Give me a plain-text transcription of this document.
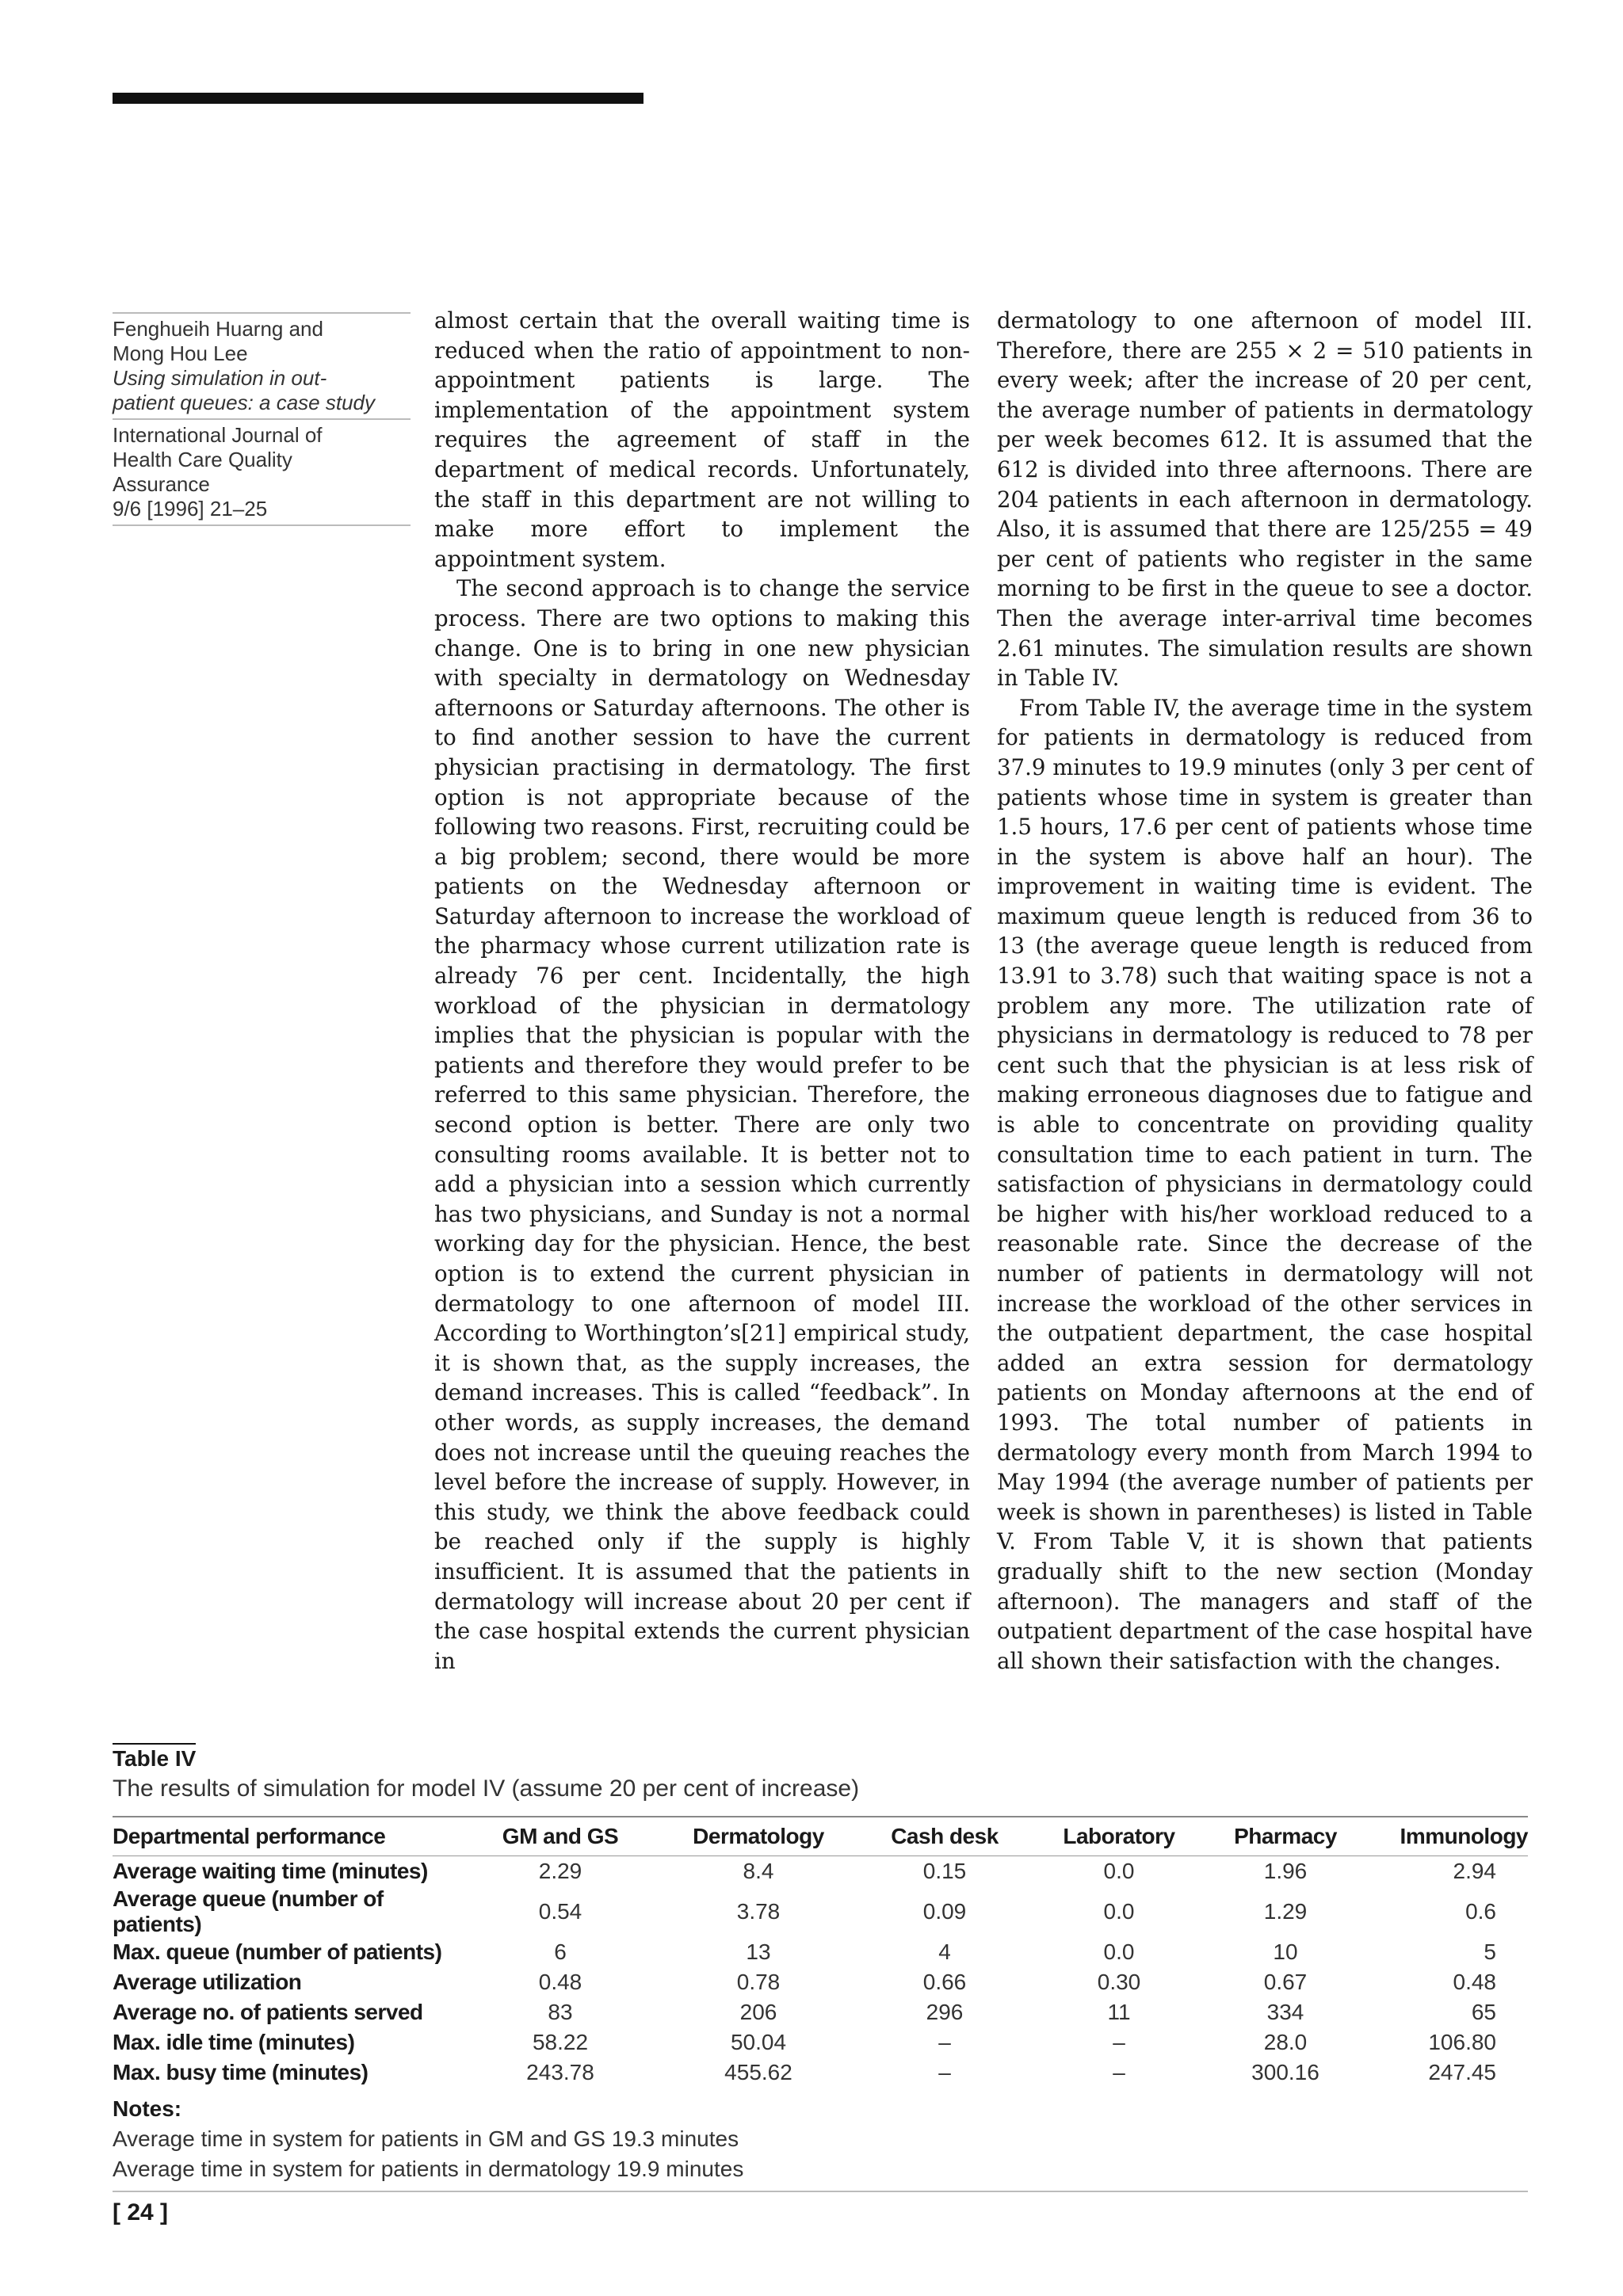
Fenghueih Huarng and
Mong Hou Lee
Using simulation in out-
patient queues: a case study
International Journal of
Health Care Quality
Assurance
9/6 [1996] 21–25

almost certain that the overall waiting time is reduced when the ratio of appointment to non-appointment patients is large. The implementation of the appointment system requires the agreement of staff in the department of medical records. Unfortunately, the staff in this department are not willing to make more effort to implement the appointment system.

The second approach is to change the service process. There are two options to making this change. One is to bring in one new physician with specialty in dermatology on Wednesday afternoons or Saturday afternoons. The other is to find another session to have the current physician practising in dermatology. The first option is not appropriate because of the following two reasons. First, recruiting could be a big problem; second, there would be more patients on the Wednesday afternoon or Saturday afternoon to increase the workload of the pharmacy whose current utilization rate is already 76 per cent. Incidentally, the high workload of the physician in dermatology implies that the physician is popular with the patients and therefore they would prefer to be referred to this same physician. Therefore, the second option is better. There are only two consulting rooms available. It is better not to add a physician into a session which currently has two physicians, and Sunday is not a normal working day for the physician. Hence, the best option is to extend the current physician in dermatology to one afternoon of model III. According to Worthington’s[21] empirical study, it is shown that, as the supply increases, the demand increases. This is called “feedback”. In other words, as supply increases, the demand does not increase until the queuing reaches the level before the increase of supply. However, in this study, we think the above feedback could be reached only if the supply is highly insufficient. It is assumed that the patients in dermatology will increase about 20 per cent if the case hospital extends the current physician in

dermatology to one afternoon of model III. Therefore, there are 255 × 2 = 510 patients in every week; after the increase of 20 per cent, the average number of patients in dermatology per week becomes 612. It is assumed that the 612 is divided into three afternoons. There are 204 patients in each afternoon in dermatology. Also, it is assumed that there are 125/255 = 49 per cent of patients who register in the same morning to be first in the queue to see a doctor. Then the average inter-arrival time becomes 2.61 minutes. The simulation results are shown in Table IV.

From Table IV, the average time in the system for patients in dermatology is reduced from 37.9 minutes to 19.9 minutes (only 3 per cent of patients whose time in system is greater than 1.5 hours, 17.6 per cent of patients whose time in the system is above half an hour). The improvement in waiting time is evident. The maximum queue length is reduced from 36 to 13 (the average queue length is reduced from 13.91 to 3.78) such that waiting space is not a problem any more. The utilization rate of physicians in dermatology is reduced to 78 per cent such that the physician is at less risk of making erroneous diagnoses due to fatigue and is able to concentrate on providing quality consultation time to each patient in turn. The satisfaction of physicians in dermatology could be higher with his/her workload reduced to a reasonable rate. Since the decrease of the number of patients in dermatology will not increase the workload of the other services in the outpatient department, the case hospital added an extra session for dermatology patients on Monday afternoons at the end of 1993. The total number of patients in dermatology every month from March 1994 to May 1994 (the average number of patients per week is shown in parentheses) is listed in Table V. From Table V, it is shown that patients gradually shift to the new section (Monday afternoon). The managers and staff of the outpatient department of the case hospital have all shown their satisfaction with the changes.

Table IV
The results of simulation for model IV (assume 20 per cent of increase)
Departmental performance	GM and GS	Dermatology	Cash desk	Laboratory	Pharmacy	Immunology

Average waiting time (minutes)	2.29	8.4	0.15	0.0	1.96	2.94
Average queue (number of patients)	0.54	3.78	0.09	0.0	1.29	0.6
Max. queue (number of patients)	6	13	4	0.0	10	5
Average utilization	0.48	0.78	0.66	0.30	0.67	0.48
Average no. of patients served	83	206	296	11	334	65
Max. idle time (minutes)	58.22	50.04	–	–	28.0	106.80
Max. busy time (minutes)	243.78	455.62	–	–	300.16	247.45
Notes:
Average time in system for patients in GM and GS 19.3 minutes
Average time in system for patients in dermatology 19.9 minutes
[ 24 ]
